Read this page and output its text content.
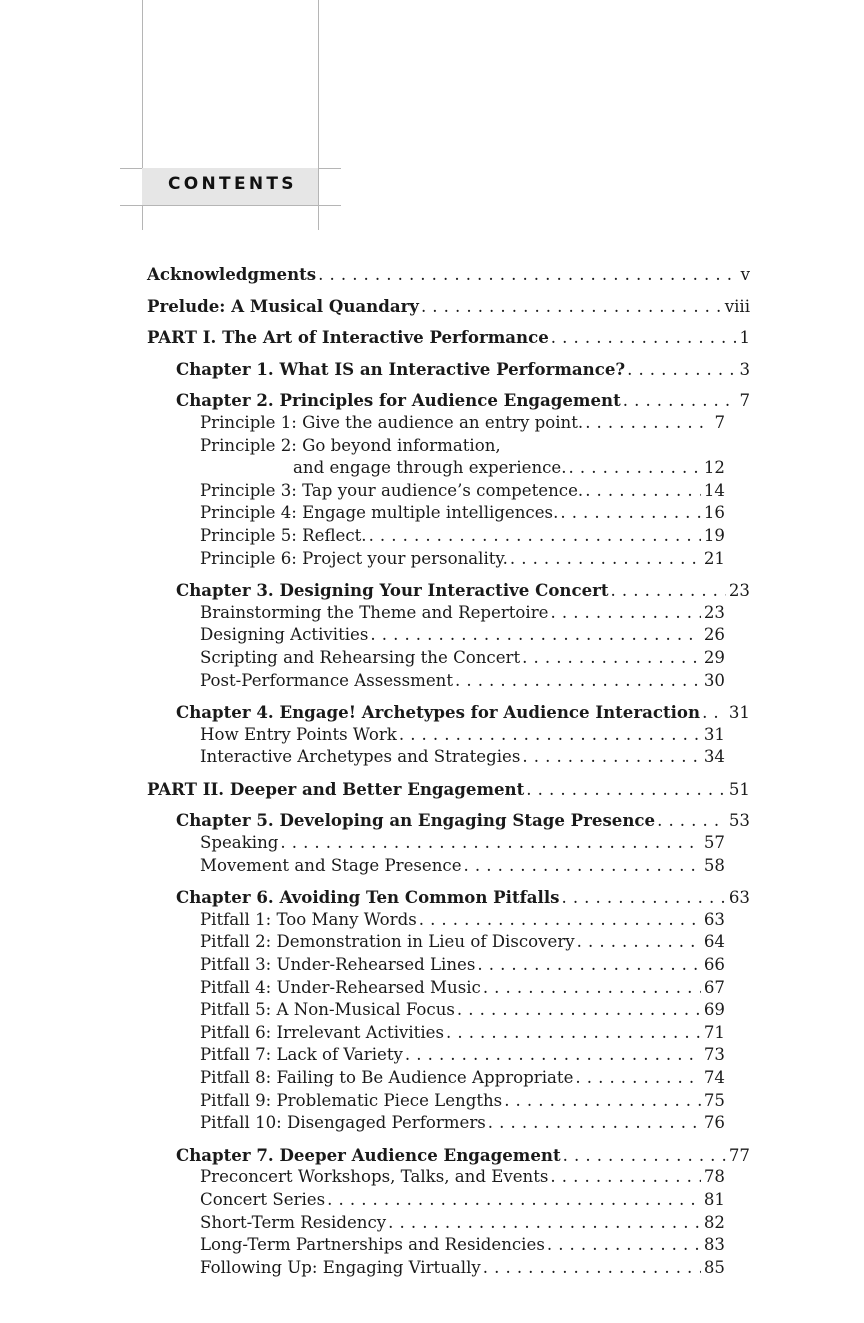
CONTENTS
Acknowledgments . . .	v
Prelude: A Musical Quandary . . .	viii
PART I. The Art of Interactive Performance . . .	1
Chapter 1. What IS an Interactive Performance? . . .	3
Chapter 2. Principles for Audience Engagement . . .	7
Principle 1: Give the audience an entry point. . . .	7
Principle 2: Go beyond information,
and engage through experience. . . .	12
Principle 3: Tap your audience’s competence. . . .	14
Principle 4: Engage multiple intelligences. . . .	16
Principle 5: Reflect. . . .	19
Principle 6: Project your personality. . . .	21
Chapter 3. Designing Your Interactive Concert . . .	23
Brainstorming the Theme and Repertoire . . .	23
Designing Activities . . .	26
Scripting and Rehearsing the Concert . . .	29
Post-Performance Assessment . . .	30
Chapter 4. Engage! Archetypes for Audience Interaction . . . 31
How Entry Points Work . . .	31
Interactive Archetypes and Strategies . . .	34
PART II. Deeper and Better Engagement . . .	51
Chapter 5. Developing an Engaging Stage Presence . . .	53
Speaking . . .	57
Movement and Stage Presence . . .	58
Chapter 6. Avoiding Ten Common Pitfalls . . .	63
Pitfall 1: Too Many Words . . .	63
Pitfall 2: Demonstration in Lieu of Discovery . . .	64
Pitfall 3: Under-Rehearsed Lines . . .	66
Pitfall 4: Under-Rehearsed Music . . .	67
Pitfall 5: A Non-Musical Focus . . .	69
Pitfall 6: Irrelevant Activities . . .	71
Pitfall 7: Lack of Variety . . .	73
Pitfall 8: Failing to Be Audience Appropriate . . .	74
Pitfall 9: Problematic Piece Lengths . . .	75
Pitfall 10: Disengaged Performers . . .	76
Chapter 7. Deeper Audience Engagement . . .	77
Preconcert Workshops, Talks, and Events . . .	78
Concert Series . . .	81
Short-Term Residency . . .	82
Long-Term Partnerships and Residencies . . .	83
Following Up: Engaging Virtually . . .	85
